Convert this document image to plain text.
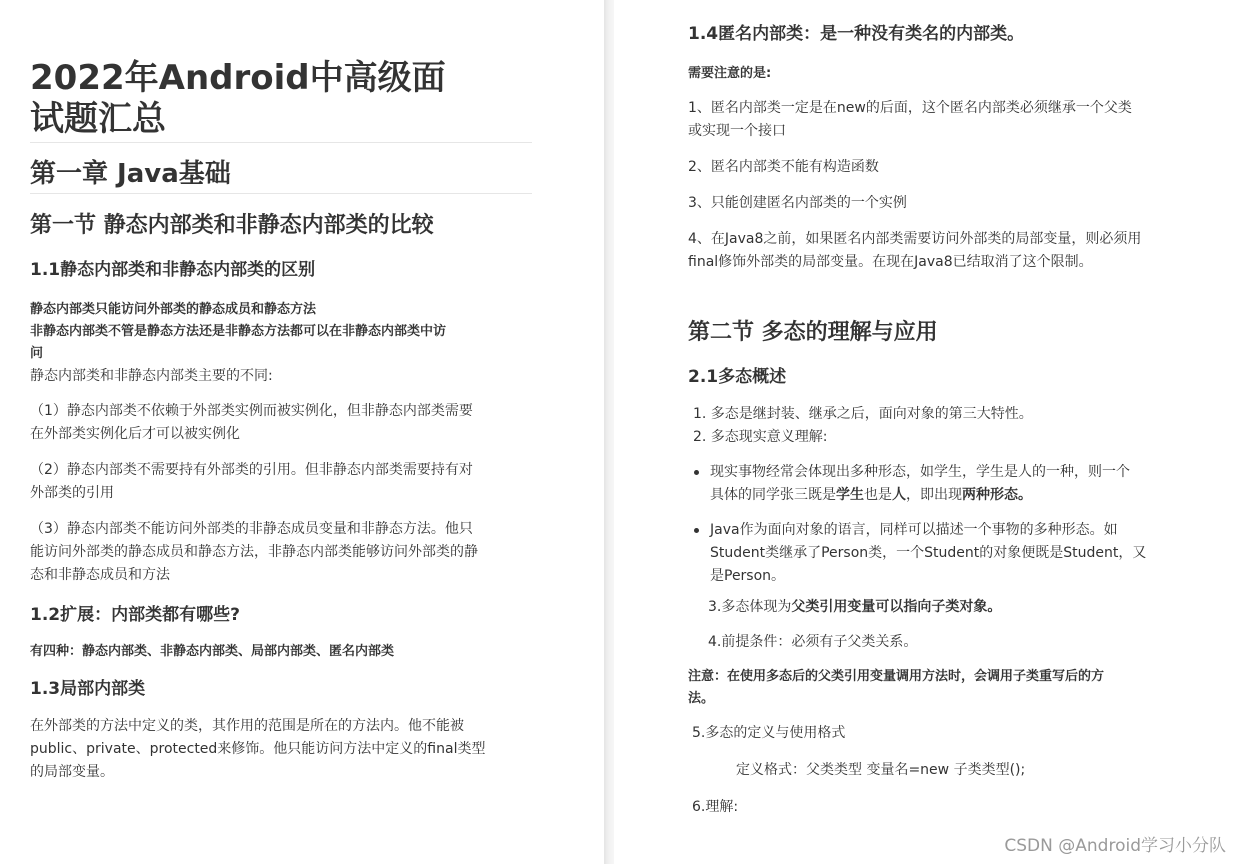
2022年Android中高级面
试题汇总
第一章 Java基础
第一节 静态内部类和非静态内部类的比较
1.1静态内部类和非静态内部类的区别
静态内部类只能访问外部类的静态成员和静态方法
非静态内部类不管是静态方法还是非静态方法都可以在非静态内部类中访
问
静态内部类和非静态内部类主要的不同:
（1）静态内部类不依赖于外部类实例而被实例化，但非静态内部类需要
在外部类实例化后才可以被实例化
（2）静态内部类不需要持有外部类的引用。但非静态内部类需要持有对
外部类的引用
（3）静态内部类不能访问外部类的非静态成员变量和非静态方法。他只
能访问外部类的静态成员和静态方法，非静态内部类能够访问外部类的静
态和非静态成员和方法
1.2扩展：内部类都有哪些?
有四种：静态内部类、非静态内部类、局部内部类、匿名内部类
1.3局部内部类
在外部类的方法中定义的类，其作用的范围是所在的方法内。他不能被
public、private、protected来修饰。他只能访问方法中定义的final类型
的局部变量。
1.4匿名内部类：是一种没有类名的内部类。
需要注意的是:
1、匿名内部类一定是在new的后面，这个匿名内部类必须继承一个父类
或实现一个接口
2、匿名内部类不能有构造函数
3、只能创建匿名内部类的一个实例
4、在Java8之前，如果匿名内部类需要访问外部类的局部变量，则必须用
final修饰外部类的局部变量。在现在Java8已结取消了这个限制。
第二节 多态的理解与应用
2.1多态概述
1. 多态是继封装、继承之后，面向对象的第三大特性。
2. 多态现实意义理解:
现实事物经常会体现出多种形态，如学生，学生是人的一种，则一个
具体的同学张三既是学生也是人，即出现两种形态。
Java作为面向对象的语言，同样可以描述一个事物的多种形态。如
Student类继承了Person类，一个Student的对象便既是Student，又
是Person。
3.多态体现为父类引用变量可以指向子类对象。
4.前提条件：必须有子父类关系。
注意：在使用多态后的父类引用变量调用方法时，会调用子类重写后的方
法。
5.多态的定义与使用格式
定义格式：父类类型 变量名=new 子类类型();
6.理解:
CSDN @Android学习小分队
